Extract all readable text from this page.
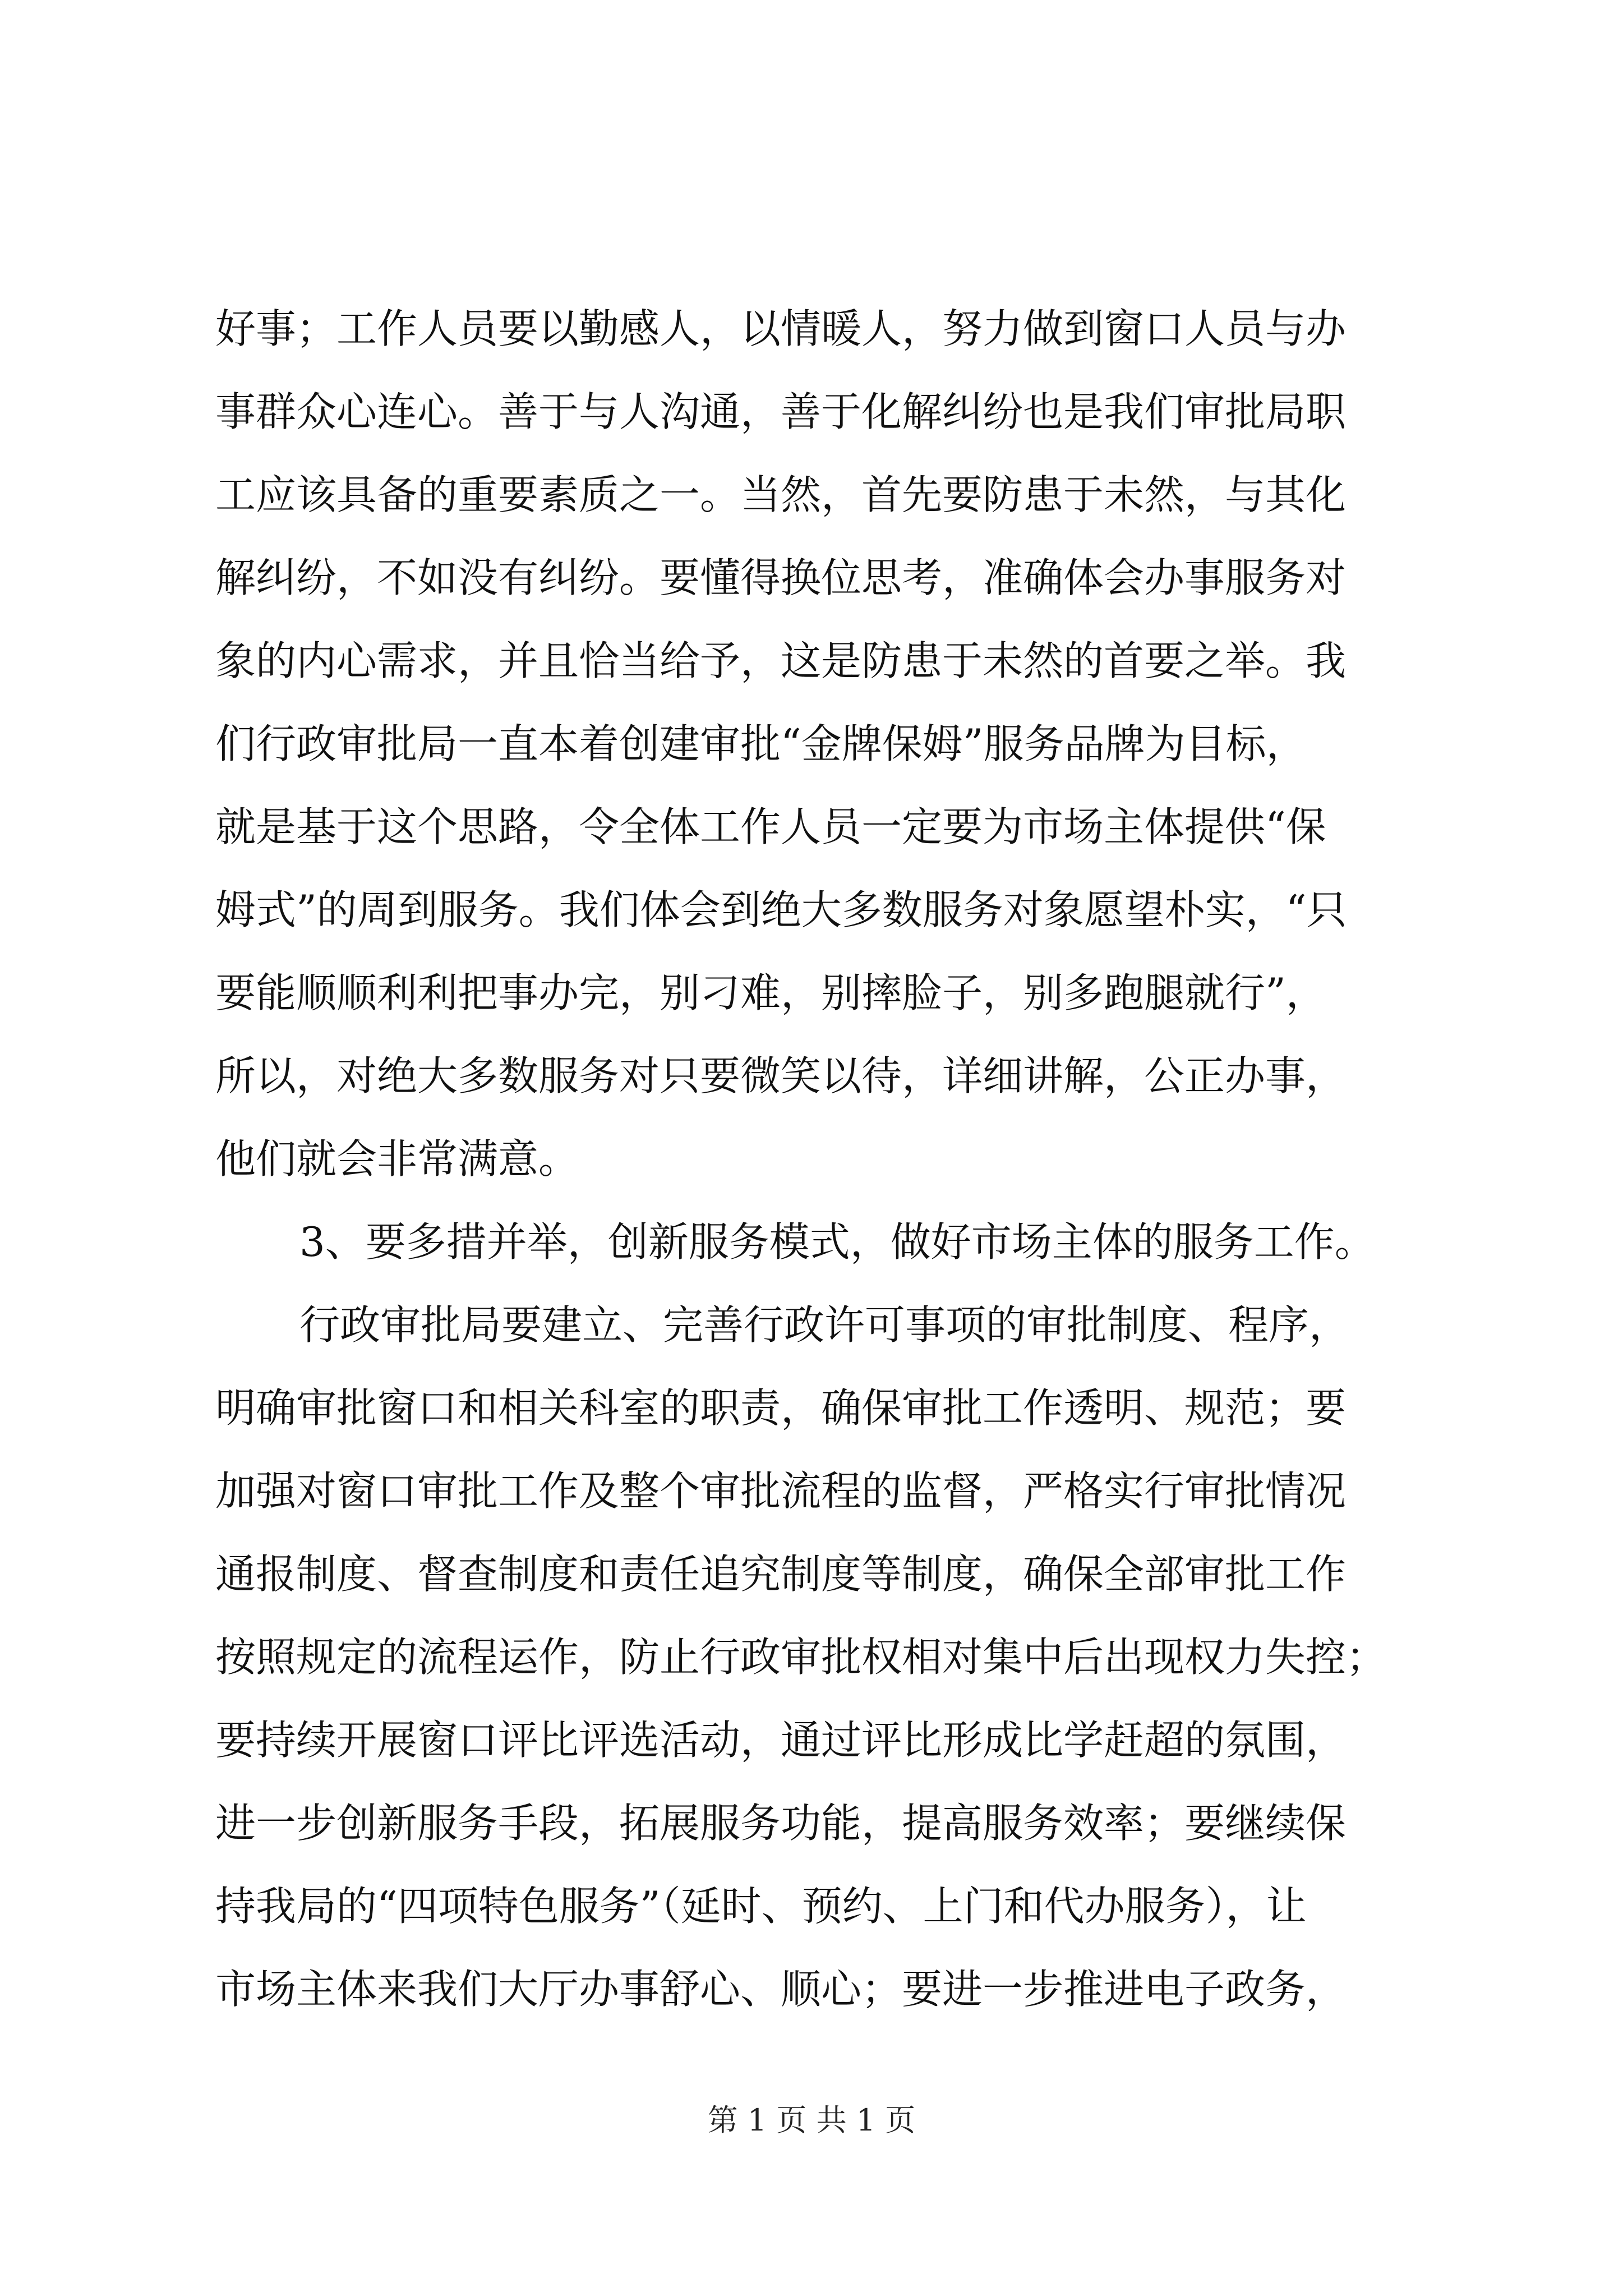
好事；工作人员要以勤感人，以情暖人，努力做到窗口人员与办
事群众心连心。善于与人沟通，善于化解纠纷也是我们审批局职
工应该具备的重要素质之一。当然，首先要防患于未然，与其化
解纠纷，不如没有纠纷。要懂得换位思考，准确体会办事服务对
象的内心需求，并且恰当给予，这是防患于未然的首要之举。我
们行政审批局一直本着创建审批“金牌保姆”服务品牌为目标，
就是基于这个思路，令全体工作人员一定要为市场主体提供“保
姆式”的周到服务。我们体会到绝大多数服务对象愿望朴实，“只
要能顺顺利利把事办完，别刁难，别摔脸子，别多跑腿就行”，
所以，对绝大多数服务对只要微笑以待，详细讲解，公正办事，
他们就会非常满意。
3、要多措并举，创新服务模式，做好市场主体的服务工作。
行政审批局要建立、完善行政许可事项的审批制度、程序，
明确审批窗口和相关科室的职责，确保审批工作透明、规范；要
加强对窗口审批工作及整个审批流程的监督，严格实行审批情况
通报制度、督查制度和责任追究制度等制度，确保全部审批工作
按照规定的流程运作，防止行政审批权相对集中后出现权力失控；
要持续开展窗口评比评选活动，通过评比形成比学赶超的氛围，
进一步创新服务手段，拓展服务功能，提高服务效率；要继续保
持我局的“四项特色服务”（延时、预约、上门和代办服务），让
市场主体来我们大厅办事舒心、顺心；要进一步推进电子政务，
第 1 页 共 1 页
